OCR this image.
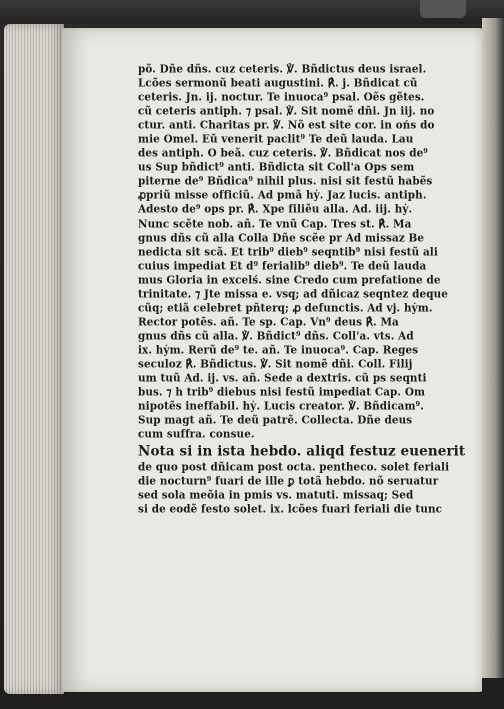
põ. Dñe dñs. cuz ceteris. ℣. Bñdictus deus israel.
Lcões sermonũ beati augustini. ℟. j. Bñdicat cũ
ceteris. Jn. ij. noctur. Te inuoca⁹ psal. Oẽs gẽtes.
cũ ceteris antiph. ⁊ psal. ℣. Sit nomẽ dñi. Jn iij. no
ctur. anti. Charitas pr. ℣. Nõ est site cor. in ońs do
mie Omel. Eũ venerit paclit⁹ Te deũ lauda. Lau
des antiph. O beã. cuz ceteris. ℣. Bñdicat nos de⁹
us Sup bñdict⁹ anti. Bñdicta sit Coll'a Ops sem
piterne de⁹ Bñdica⁹ nihil plus. nisi sit festũ habẽs
ꝓpriũ misse officiũ. Ad pmã hẏ. Jaz lucis. antiph.
Adesto de⁹ ops pr. ℟. Xpe filiẽu alla. Ad. iij. hẏ.
Nunc scẽte nob. añ. Te vnũ Cap. Tres st. ℟. Ma
gnus dñs cũ alla Colla Dñe scẽe pr Ad missaz Be
nedicta sit scã. Et trib⁹ dieb⁹ seqntib⁹ nisi festũ ali
cuius impediat Et d⁹ ferialib⁹ dieb⁹. Te deũ lauda
mus Gloria in excelś. sine Credo cum prefatione de
trinitate. ⁊ Jte missa e. vsq; ad dñicaz seqntez deque
cũq; etiã celebret pñterq; ꝓ defunctis. Ad vj. hẏm.
Rector potẽs. añ. Te sp. Cap. Vn⁹ deus ℟. Ma
gnus dñs cũ alla. ℣. Bñdict⁹ dñs. Coll'a. vts. Ad
ix. hẏm. Rerũ de⁹ te. añ. Te inuoca⁹. Cap. Reges
seculoz ℟. Bñdictus. ℣. Sit nomẽ dñi. Coll. Filij
um tuũ Ad. ij. vs. añ. Sede a dextris. cũ ps seqnti
bus. ⁊ h trib⁹ diebus nisi festũ impediat Cap. Om
nipotẽs ineffabil. hẏ. Lucis creator. ℣. Bñdicam⁹.
Sup magt añ. Te deũ patrẽ. Collecta. Dñe deus
cum suffra. consue.
Nota si in ista hebdo. aliqd festuz euenerit
de quo post dñicam post octa. pentheco. solet feriali
die nocturn⁹ fuari de ille ꝑ totã hebdo. nõ seruatur
sed sola meõia in pmis vs. matuti. missaq; Sed
si de eodẽ festo solet. ix. lcões fuari feriali die tunc
